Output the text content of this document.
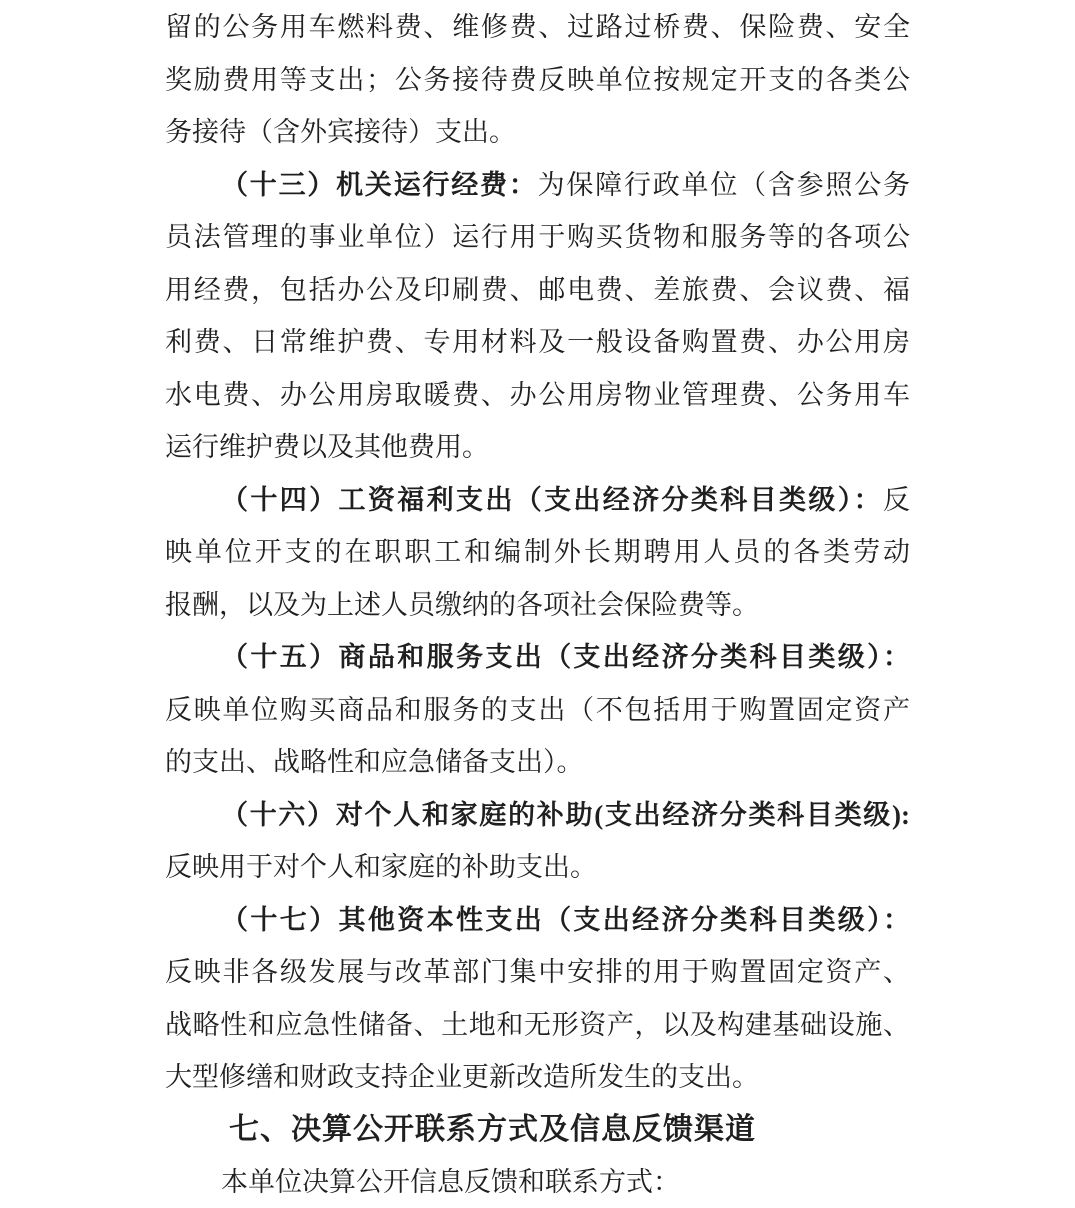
留的公务用车燃料费、维修费、过路过桥费、保险费、安全
奖励费用等支出；公务接待费反映单位按规定开支的各类公
务接待（含外宾接待）支出。
（十三）机关运行经费：为保障行政单位（含参照公务
员法管理的事业单位）运行用于购买货物和服务等的各项公
用经费，包括办公及印刷费、邮电费、差旅费、会议费、福
利费、日常维护费、专用材料及一般设备购置费、办公用房
水电费、办公用房取暖费、办公用房物业管理费、公务用车
运行维护费以及其他费用。
（十四）工资福利支出（支出经济分类科目类级）：反
映单位开支的在职职工和编制外长期聘用人员的各类劳动
报酬，以及为上述人员缴纳的各项社会保险费等。
（十五）商品和服务支出（支出经济分类科目类级）：
反映单位购买商品和服务的支出（不包括用于购置固定资产
的支出、战略性和应急储备支出）。
（十六）对个人和家庭的补助(支出经济分类科目类级):
反映用于对个人和家庭的补助支出。
（十七）其他资本性支出（支出经济分类科目类级）：
反映非各级发展与改革部门集中安排的用于购置固定资产、
战略性和应急性储备、土地和无形资产，以及构建基础设施、
大型修缮和财政支持企业更新改造所发生的支出。
七、决算公开联系方式及信息反馈渠道
本单位决算公开信息反馈和联系方式：
